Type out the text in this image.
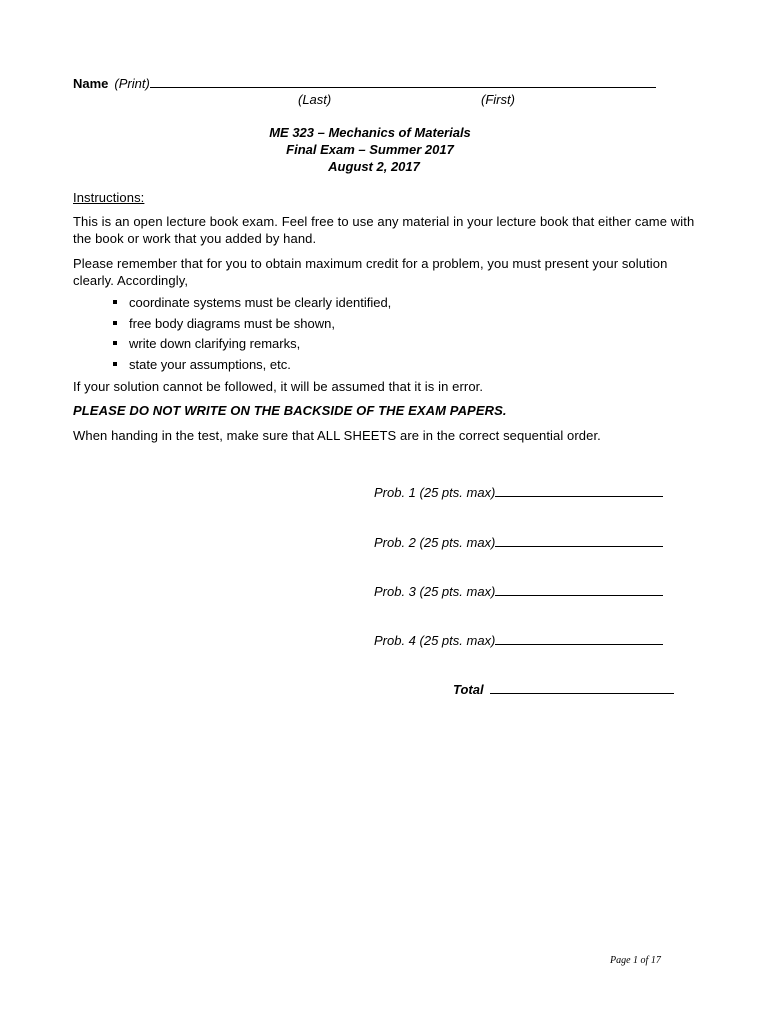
Name (Print)
(Last)	(First)
ME 323 – Mechanics of Materials
Final Exam – Summer 2017
August 2, 2017
Instructions:
This is an open lecture book exam. Feel free to use any material in your lecture book that either came with the book or work that you added by hand.
Please remember that for you to obtain maximum credit for a problem, you must present your solution clearly. Accordingly,
coordinate systems must be clearly identified,
free body diagrams must be shown,
write down clarifying remarks,
state your assumptions, etc.
If your solution cannot be followed, it will be assumed that it is in error.
PLEASE DO NOT WRITE ON THE BACKSIDE OF THE EXAM PAPERS.
When handing in the test, make sure that ALL SHEETS are in the correct sequential order.
Prob. 1 (25 pts. max)
Prob. 2 (25 pts. max)
Prob. 3 (25 pts. max)
Prob. 4 (25 pts. max)
Total
Page 1 of 17
